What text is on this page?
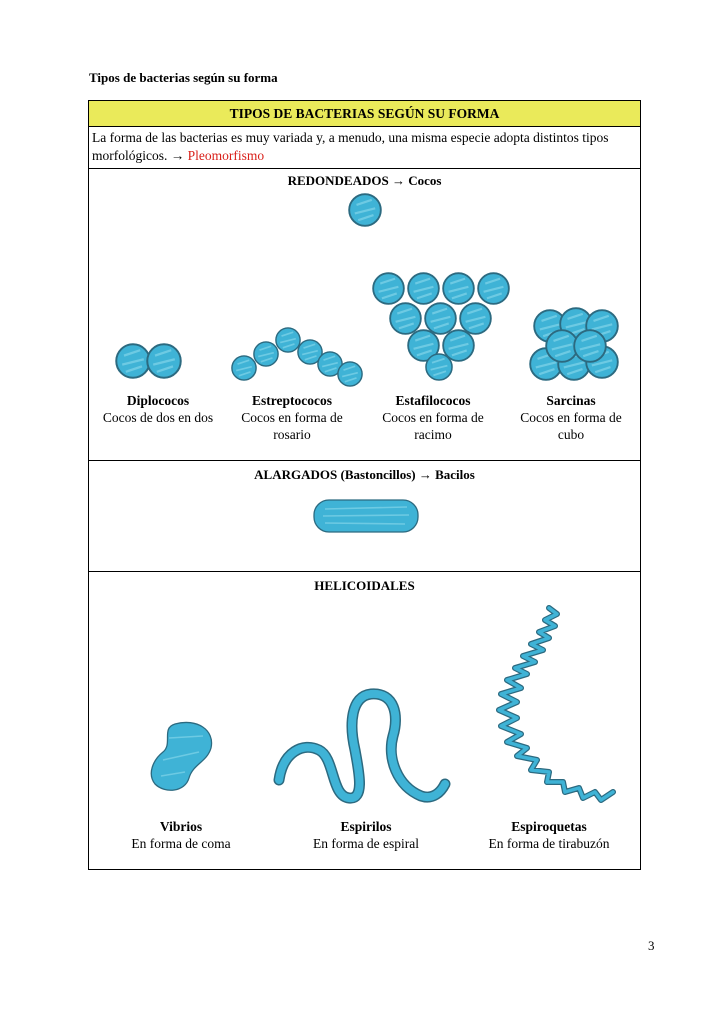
Tipos de bacterias según su forma
TIPOS DE BACTERIAS SEGÚN SU FORMA
La forma de las bacterias es muy variada y, a menudo, una misma especie adopta distintos tipos morfológicos. → Pleomorfismo
REDONDEADOS → Cocos
Diplococos
Cocos de dos en dos
Estreptococos
Cocos en forma de rosario
Estafilococos
Cocos en forma de racimo
Sarcinas
Cocos en forma de cubo
ALARGADOS (Bastoncillos) → Bacilos
HELICOIDALES
Vibrios
En forma de coma
Espirilos
En forma de espiral
Espiroquetas
En forma de tirabuzón
3
